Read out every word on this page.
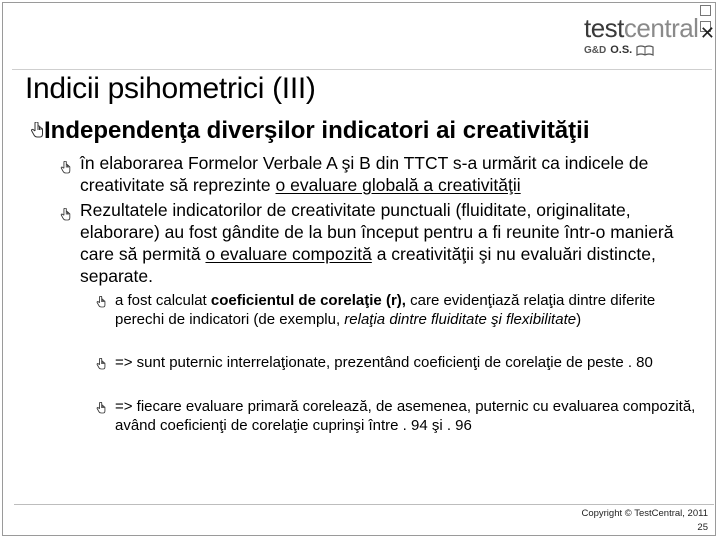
✕
testcentral
G&D O.S.
Indicii psihometrici (III)
Independenţa diverşilor indicatori ai creativităţii
în elaborarea Formelor Verbale A şi B din TTCT s-a urmărit ca indicele de creativitate să reprezinte o evaluare globală a creativităţii
Rezultatele indicatorilor de creativitate punctuali (fluiditate, originalitate, elaborare) au fost gândite de la bun început pentru a fi reunite într-o manieră care să permită o evaluare compozită a creativităţii şi nu evaluări distincte, separate.
a fost calculat coeficientul de corelaţie (r), care evidenţiază relaţia dintre diferite perechi de indicatori (de exemplu, relaţia dintre fluiditate şi flexibilitate)
=> sunt puternic interrelaţionate, prezentând coeficienţi de corelaţie de peste . 80
=> fiecare evaluare primară corelează, de asemenea, puternic cu evaluarea compozită, având coeficienţi de corelaţie cuprinşi între . 94 şi . 96
Copyright © TestCentral, 2011
25
